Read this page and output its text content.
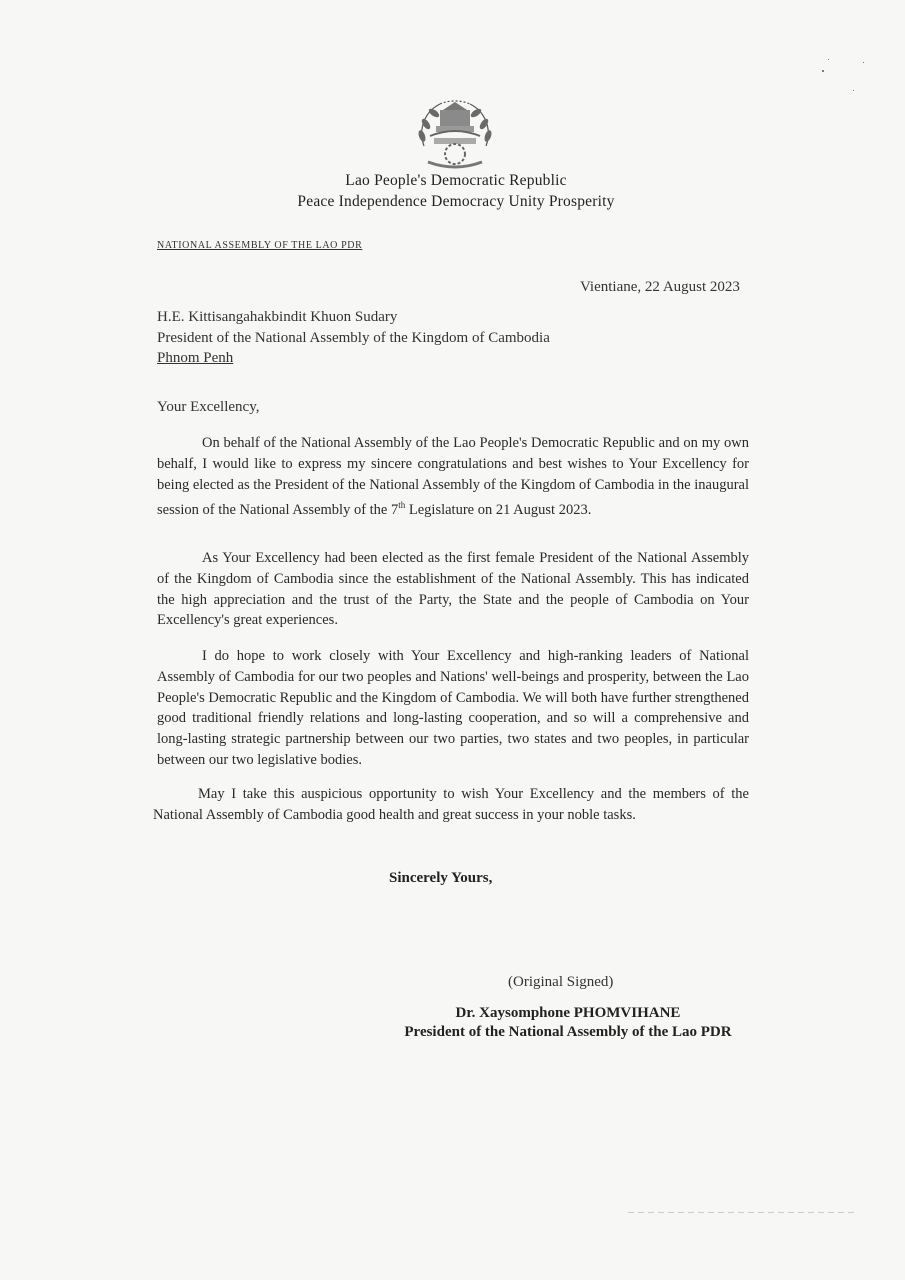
Lao People's Democratic Republic
Peace Independence Democracy Unity Prosperity
NATIONAL ASSEMBLY OF THE LAO PDR
Vientiane, 22 August 2023
H.E. Kittisangahakbindit Khuon Sudary
President of the National Assembly of the Kingdom of Cambodia
Phnom Penh
Your Excellency,

On behalf of the National Assembly of the Lao People's Democratic Republic and on my own behalf, I would like to express my sincere congratulations and best wishes to Your Excellency for being elected as the President of the National Assembly of the Kingdom of Cambodia in the inaugural session of the National Assembly of the 7th Legislature on 21 August 2023.

As Your Excellency had been elected as the first female President of the National Assembly of the Kingdom of Cambodia since the establishment of the National Assembly. This has indicated the high appreciation and the trust of the Party, the State and the people of Cambodia on Your Excellency's great experiences.

I do hope to work closely with Your Excellency and high-ranking leaders of National Assembly of Cambodia for our two peoples and Nations' well-beings and prosperity, between the Lao People's Democratic Republic and the Kingdom of Cambodia. We will both have further strengthened good traditional friendly relations and long-lasting cooperation, and so will a comprehensive and long-lasting strategic partnership between our two parties, two states and two peoples, in particular between our two legislative bodies.

May I take this auspicious opportunity to wish Your Excellency and the members of the National Assembly of Cambodia good health and great success in your noble tasks.

Sincerely Yours,
(Original Signed)
Dr. Xaysomphone PHOMVIHANE
President of the National Assembly of the Lao PDR
